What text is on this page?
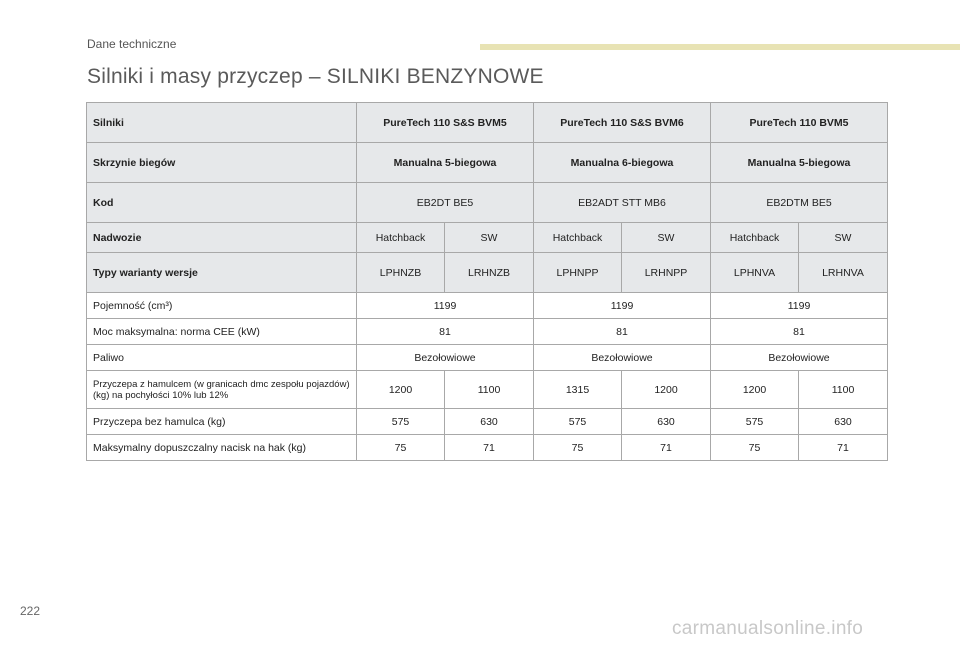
Dane techniczne
Silniki i masy przyczep – SILNIKI BENZYNOWE
Silniki	PureTech 110 S&S BVM5		PureTech 110 S&S BVM6		PureTech 110 BVM5	
Skrzynie biegów	Manualna 5-biegowa		Manualna 6-biegowa		Manualna 5-biegowa	
Kod	EB2DT BE5		EB2ADT STT MB6		EB2DTM BE5	
Nadwozie	Hatchback	SW	Hatchback	SW	Hatchback	SW
Typy warianty wersje	LPHNZB	LRHNZB	LPHNPP	LRHNPP	LPHNVA	LRHNVA
Pojemność (cm³)	1199		1199		1199	
Moc maksymalna: norma CEE (kW)	81		81		81	
Paliwo	Bezołowiowe		Bezołowiowe		Bezołowiowe	
Przyczepa z hamulcem (w granicach dmc zespołu pojazdów) (kg) na pochyłości 10% lub 12%	1200	1100	1315	1200	1200	1100
Przyczepa bez hamulca (kg)	575	630	575	630	575	630
Maksymalny dopuszczalny nacisk na hak (kg)	75	71	75	71	75	71
222
carmanualsonline.info
